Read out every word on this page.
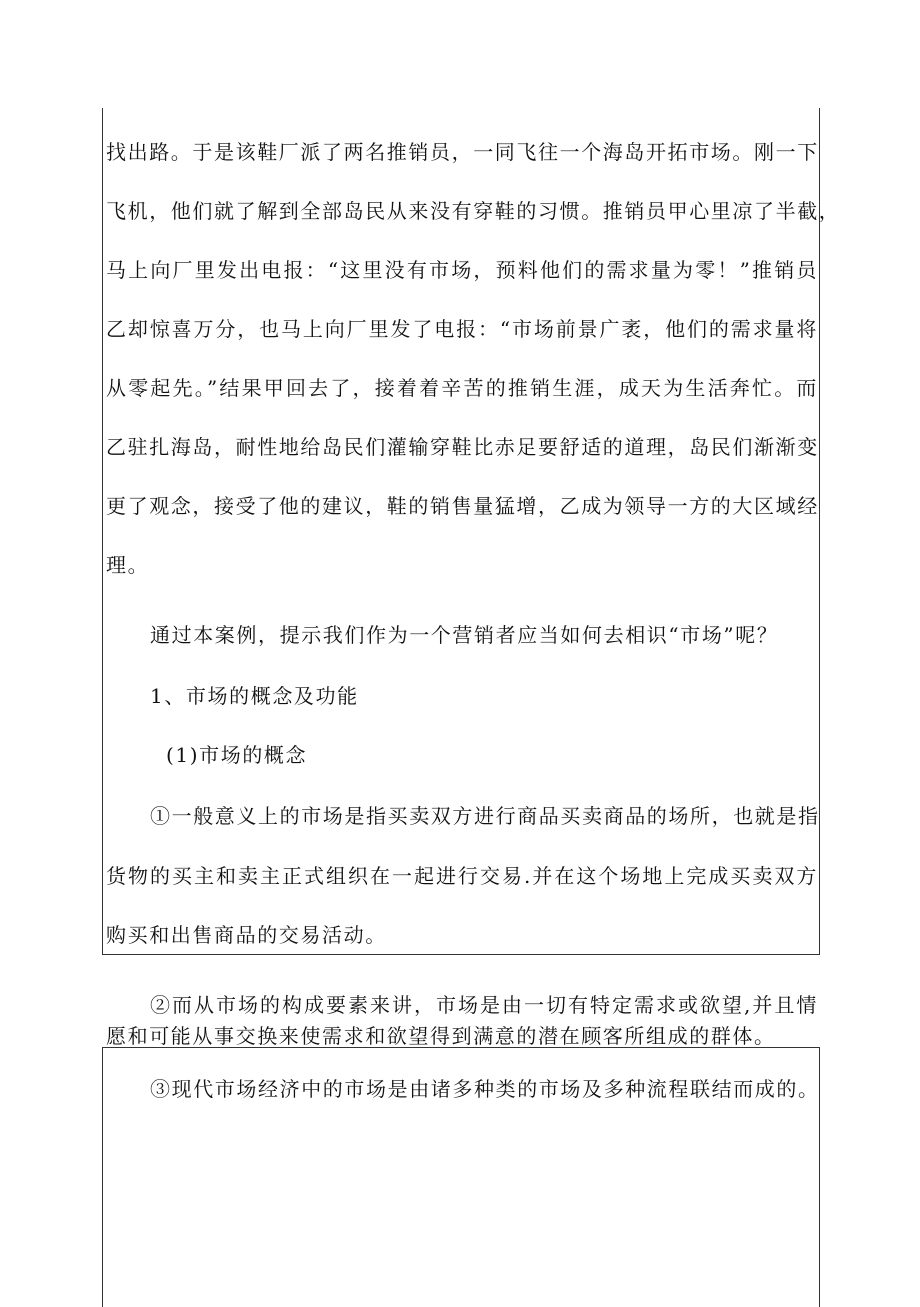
找出路。于是该鞋厂派了两名推销员，一同飞往一个海岛开拓市场。刚一下
飞机，他们就了解到全部岛民从来没有穿鞋的习惯。推销员甲心里凉了半截，
马上向厂里发出电报：“这里没有市场，预料他们的需求量为零！”推销员
乙却惊喜万分，也马上向厂里发了电报：“市场前景广袤，他们的需求量将
从零起先。”结果甲回去了，接着着辛苦的推销生涯，成天为生活奔忙。而
乙驻扎海岛，耐性地给岛民们灌输穿鞋比赤足要舒适的道理，岛民们渐渐变
更了观念，接受了他的建议，鞋的销售量猛增，乙成为领导一方的大区域经
理。
通过本案例，提示我们作为一个营销者应当如何去相识“市场”呢？
1、市场的概念及功能
(1)市场的概念
①一般意义上的市场是指买卖双方进行商品买卖商品的场所，也就是指
货物的买主和卖主正式组织在一起进行交易.并在这个场地上完成买卖双方
购买和出售商品的交易活动。
②而从市场的构成要素来讲，市场是由一切有特定需求或欲望,并且情
愿和可能从事交换来使需求和欲望得到满意的潜在顾客所组成的群体。
③现代市场经济中的市场是由诸多种类的市场及多种流程联结而成的。
